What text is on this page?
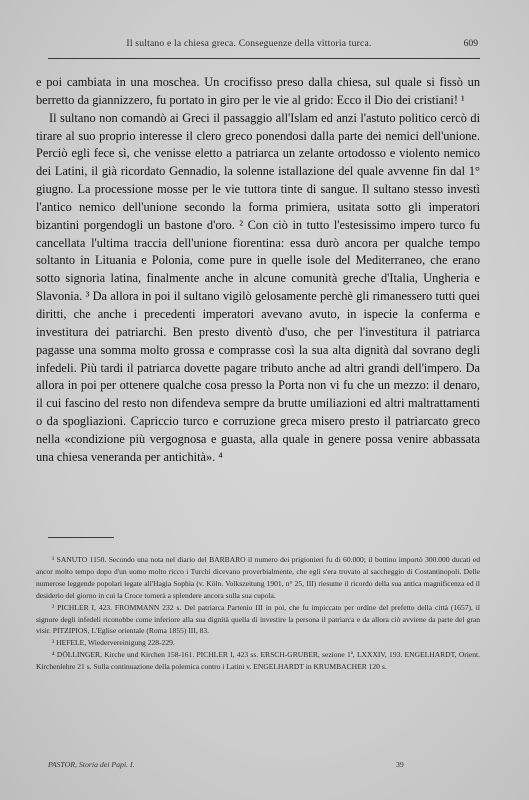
Il sultano e la chiesa greca. Conseguenze della vittoria turca.	609

e poi cambiata in una moschea. Un crocifisso preso dalla chiesa, sul quale si fissò un berretto da giannizzero, fu portato in giro per le vie al grido: Ecco il Dio dei cristiani! ¹

Il sultano non comandò ai Greci il passaggio all'Islam ed anzi l'astuto politico cercò di tirare al suo proprio interesse il clero greco ponendosi dalla parte dei nemici dell'unione. Perciò egli fece sì, che venisse eletto a patriarca un zelante ortodosso e violento nemico dei Latini, il già ricordato Gennadio, la solenne istallazione del quale avvenne fin dal 1° giugno. La processione mosse per le vie tuttora tinte di sangue. Il sultano stesso investì l'antico nemico dell'unione secondo la forma primiera, usitata sotto gli imperatori bizantini porgendogli un bastone d'oro. ² Con ciò in tutto l'estesissimo impero turco fu cancellata l'ultima traccia dell'unione fiorentina: essa durò ancora per qualche tempo soltanto in Lituania e Polonia, come pure in quelle isole del Mediterraneo, che erano sotto signoria latina, finalmente anche in alcune comunità greche d'Italia, Ungheria e Slavonia. ³ Da allora in poi il sultano vigilò gelosamente perchè gli rimanessero tutti quei diritti, che anche i precedenti imperatori avevano avuto, in ispecie la conferma e investitura dei patriarchi. Ben presto diventò d'uso, che per l'investitura il patriarca pagasse una somma molto grossa e comprasse così la sua alta dignità dal sovrano degli infedeli. Più tardi il patriarca dovette pagare tributo anche ad altri grandi dell'impero. Da allora in poi per ottenere qualche cosa presso la Porta non vi fu che un mezzo: il denaro, il cui fascino del resto non difendeva sempre da brutte umiliazioni ed altri maltrattamenti o da spogliazioni. Capriccio turco e corruzione greca misero presto il patriarcato greco nella «condizione più vergognosa e guasta, alla quale in genere possa venire abbassata una chiesa veneranda per antichità». ⁴

¹ SANUTO 1150. Secondo una nota nel diario del BARBARO il numero dei prigionieri fu di 60.000; il bottino importò 300.000 ducati ed ancor molto tempo dopo d'un uomo molto ricco i Turchi dicevano proverbialmente, che egli s'era trovato al saccheggio di Costantinopoli. Delle numerose leggende popolari legate all'Hagia Sophia (v. Köln. Volkszeitung 1901, n° 25, III) riesume il ricordo della sua antica magnificenza ed il desiderio del giorno in cui la Croce tornerà a splendere ancora sulla sua cupola.

² PICHLER I, 423. FROMMANN 232 s. Del patriarca Partenio III in poi, che fu impiccato per ordine del prefetto della città (1657), il signore degli infedeli riconobbe come inferiore alla sua dignità quella di investire la persona il patriarca e da allora ciò avviene da parte del gran visir. PITZIPIOS, L'Eglise orientale (Roma 1855) III, 83.

³ HEFELE, Wiedervereinigung 228-229.

⁴ DÖLLINGER, Kirche und Kirchen 158-161. PICHLER I, 423 ss. ERSCH-GRUBER, sezione 1ª, LXXXIV, 193. ENGELHARDT, Orient. Kirchenlehre 21 s. Sulla continuazione della polemica contro i Latini v. ENGELHARDT in KRUMBACHER 120 s.

PASTOR, Storia dei Papi. I.	39
